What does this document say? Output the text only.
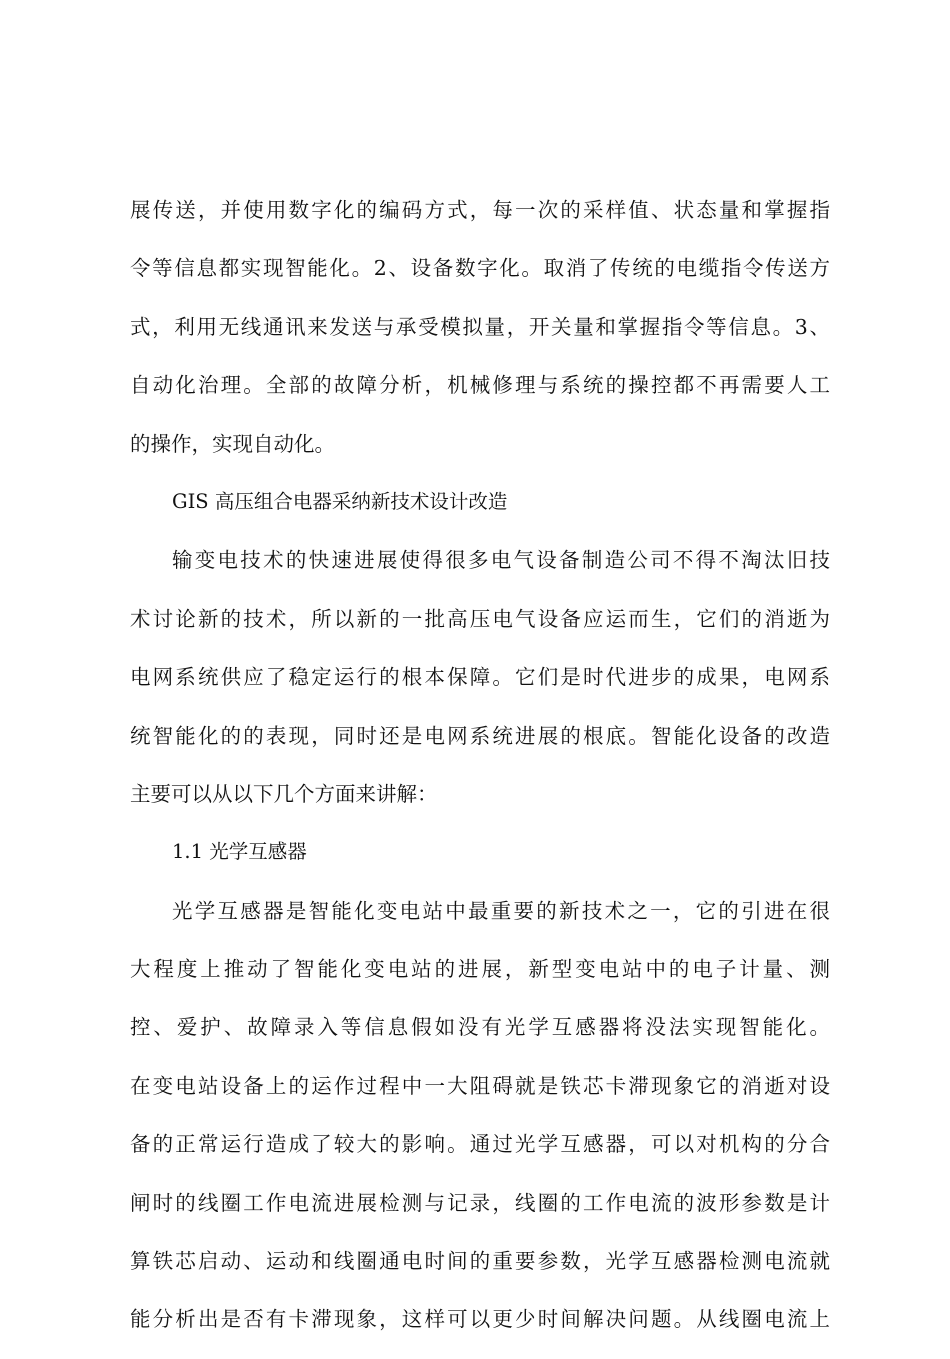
展传送，并使用数字化的编码方式，每一次的采样值、状态量和掌握指
令等信息都实现智能化。2、设备数字化。取消了传统的电缆指令传送方
式，利用无线通讯来发送与承受模拟量，开关量和掌握指令等信息。3、
自动化治理。全部的故障分析，机械修理与系统的操控都不再需要人工
的操作，实现自动化。
GIS 高压组合电器采纳新技术设计改造
输变电技术的快速进展使得很多电气设备制造公司不得不淘汰旧技
术讨论新的技术，所以新的一批高压电气设备应运而生，它们的消逝为
电网系统供应了稳定运行的根本保障。它们是时代进步的成果，电网系
统智能化的的表现，同时还是电网系统进展的根底。智能化设备的改造
主要可以从以下几个方面来讲解：
1.1 光学互感器
光学互感器是智能化变电站中最重要的新技术之一，它的引进在很
大程度上推动了智能化变电站的进展，新型变电站中的电子计量、测
控、爱护、故障录入等信息假如没有光学互感器将没法实现智能化。
在变电站设备上的运作过程中一大阻碍就是铁芯卡滞现象它的消逝对设
备的正常运行造成了较大的影响。通过光学互感器，可以对机构的分合
闸时的线圈工作电流进展检测与记录，线圈的工作电流的波形参数是计
算铁芯启动、运动和线圈通电时间的重要参数，光学互感器检测电流就
能分析出是否有卡滞现象，这样可以更少时间解决问题。从线圈电流上
